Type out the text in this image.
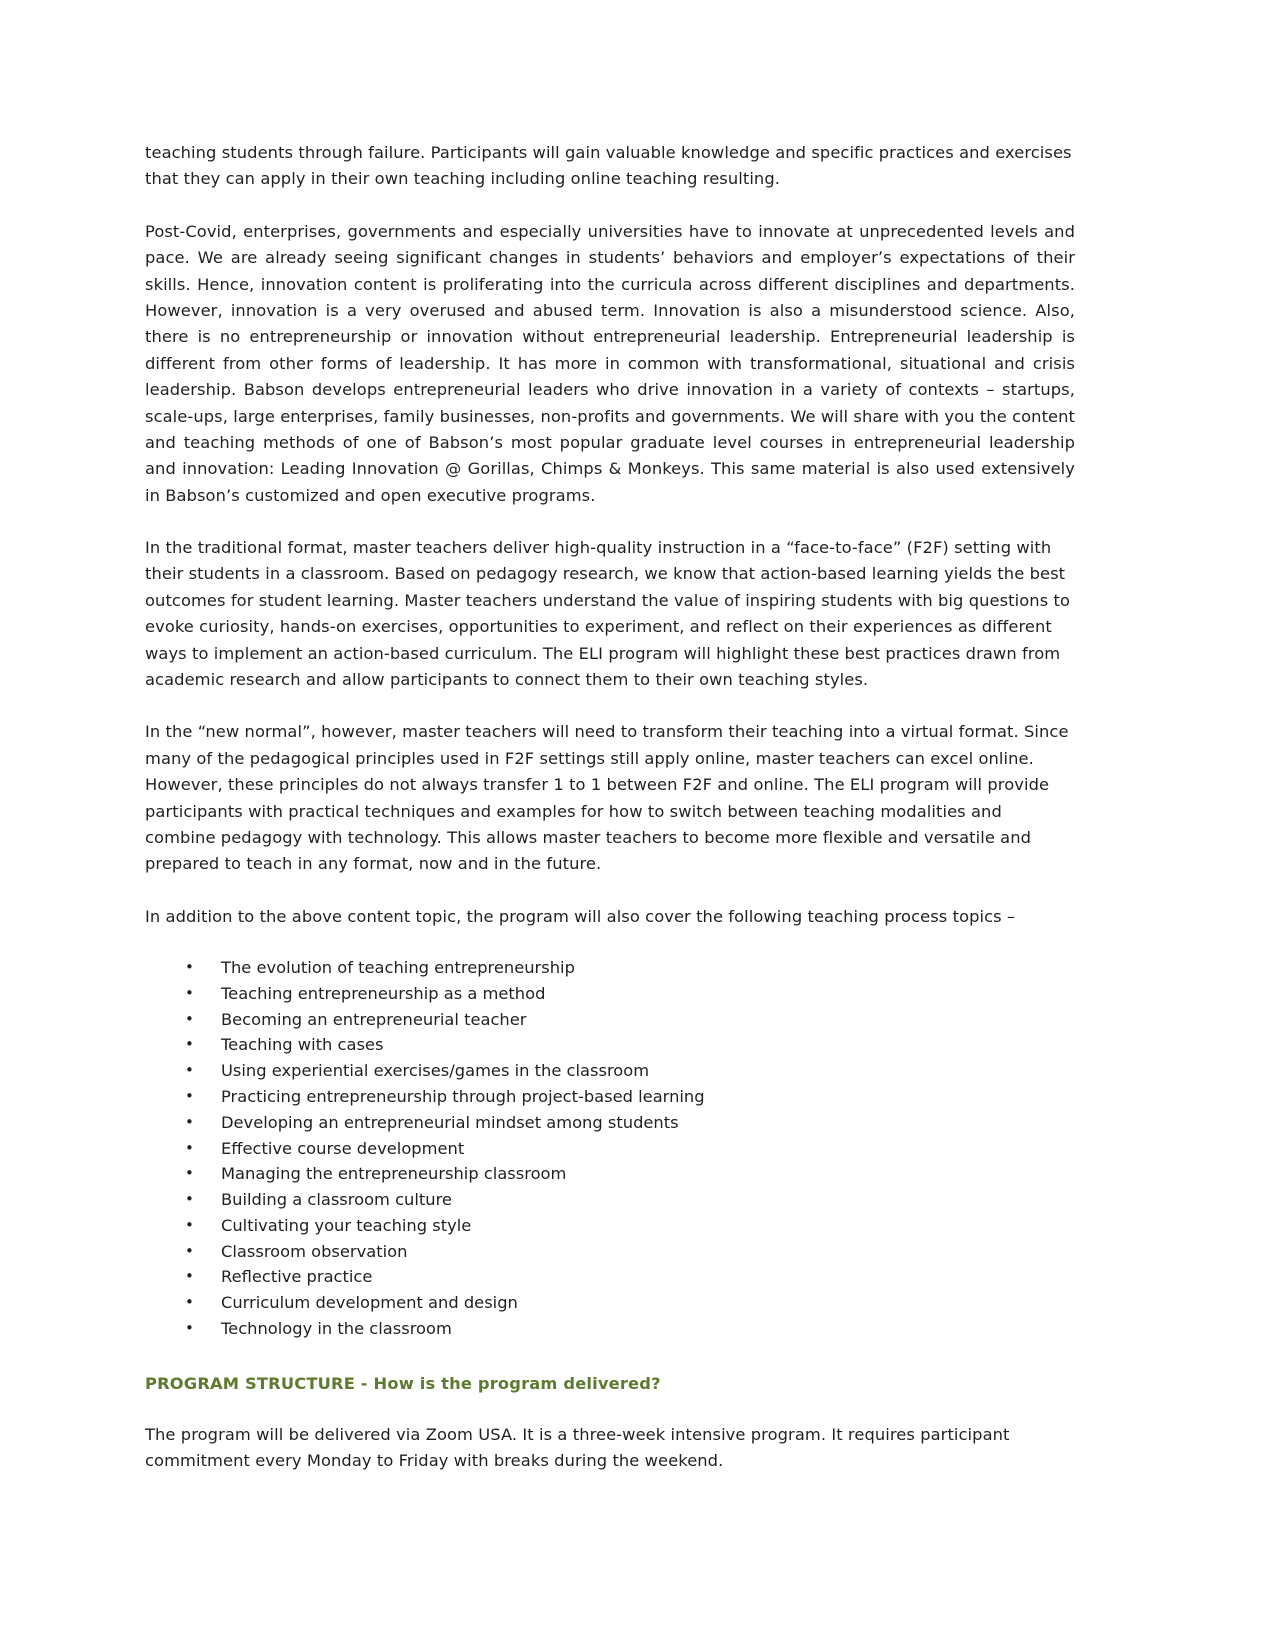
teaching students through failure. Participants will gain valuable knowledge and specific practices and exercises that they can apply in their own teaching including online teaching resulting.

Post-Covid, enterprises, governments and especially universities have to innovate at unprecedented levels and pace. We are already seeing significant changes in students’ behaviors and employer’s expectations of their skills. Hence, innovation content is proliferating into the curricula across different disciplines and departments. However, innovation is a very overused and abused term. Innovation is also a misunderstood science. Also, there is no entrepreneurship or innovation without entrepreneurial leadership. Entrepreneurial leadership is different from other forms of leadership. It has more in common with transformational, situational and crisis leadership. Babson develops entrepreneurial leaders who drive innovation in a variety of contexts – startups, scale-ups, large enterprises, family businesses, non-profits and governments. We will share with you the content and teaching methods of one of Babson’s most popular graduate level courses in entrepreneurial leadership and innovation: Leading Innovation @ Gorillas, Chimps & Monkeys. This same material is also used extensively in Babson’s customized and open executive programs.

In the traditional format, master teachers deliver high-quality instruction in a “face-to-face” (F2F) setting with their students in a classroom. Based on pedagogy research, we know that action-based learning yields the best outcomes for student learning. Master teachers understand the value of inspiring students with big questions to evoke curiosity, hands-on exercises, opportunities to experiment, and reflect on their experiences as different ways to implement an action-based curriculum. The ELI program will highlight these best practices drawn from academic research and allow participants to connect them to their own teaching styles.

In the “new normal”, however, master teachers will need to transform their teaching into a virtual format. Since many of the pedagogical principles used in F2F settings still apply online, master teachers can excel online. However, these principles do not always transfer 1 to 1 between F2F and online. The ELI program will provide participants with practical techniques and examples for how to switch between teaching modalities and combine pedagogy with technology. This allows master teachers to become more flexible and versatile and prepared to teach in any format, now and in the future.

In addition to the above content topic, the program will also cover the following teaching process topics –

• The evolution of teaching entrepreneurship
• Teaching entrepreneurship as a method
• Becoming an entrepreneurial teacher
• Teaching with cases
• Using experiential exercises/games in the classroom
• Practicing entrepreneurship through project-based learning
• Developing an entrepreneurial mindset among students
• Effective course development
• Managing the entrepreneurship classroom
• Building a classroom culture
• Cultivating your teaching style
• Classroom observation
• Reflective practice
• Curriculum development and design
• Technology in the classroom
PROGRAM STRUCTURE - How is the program delivered?

The program will be delivered via Zoom USA. It is a three-week intensive program. It requires participant commitment every Monday to Friday with breaks during the weekend.
